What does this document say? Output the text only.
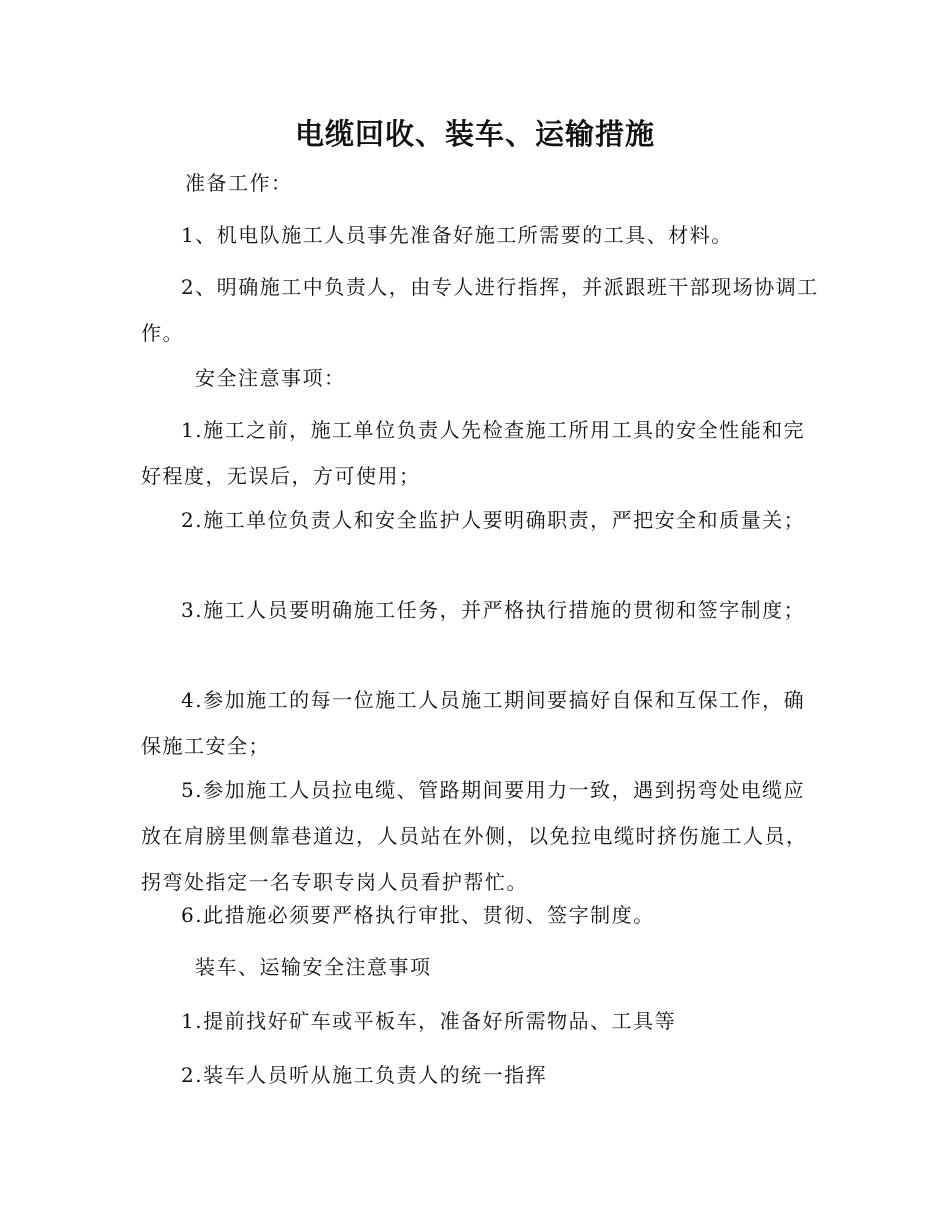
电缆回收、装车、运输措施
准备工作：
1、机电队施工人员事先准备好施工所需要的工具、材料。
2、明确施工中负责人，由专人进行指挥，并派跟班干部现场协调工作。
安全注意事项：
1.施工之前，施工单位负责人先检查施工所用工具的安全性能和完好程度，无误后，方可使用；
2.施工单位负责人和安全监护人要明确职责，严把安全和质量关；
3.施工人员要明确施工任务，并严格执行措施的贯彻和签字制度；
4.参加施工的每一位施工人员施工期间要搞好自保和互保工作，确保施工安全；
5.参加施工人员拉电缆、管路期间要用力一致，遇到拐弯处电缆应放在肩膀里侧靠巷道边，人员站在外侧，以免拉电缆时挤伤施工人员，拐弯处指定一名专职专岗人员看护帮忙。
6.此措施必须要严格执行审批、贯彻、签字制度。
装车、运输安全注意事项
1.提前找好矿车或平板车，准备好所需物品、工具等
2.装车人员听从施工负责人的统一指挥
